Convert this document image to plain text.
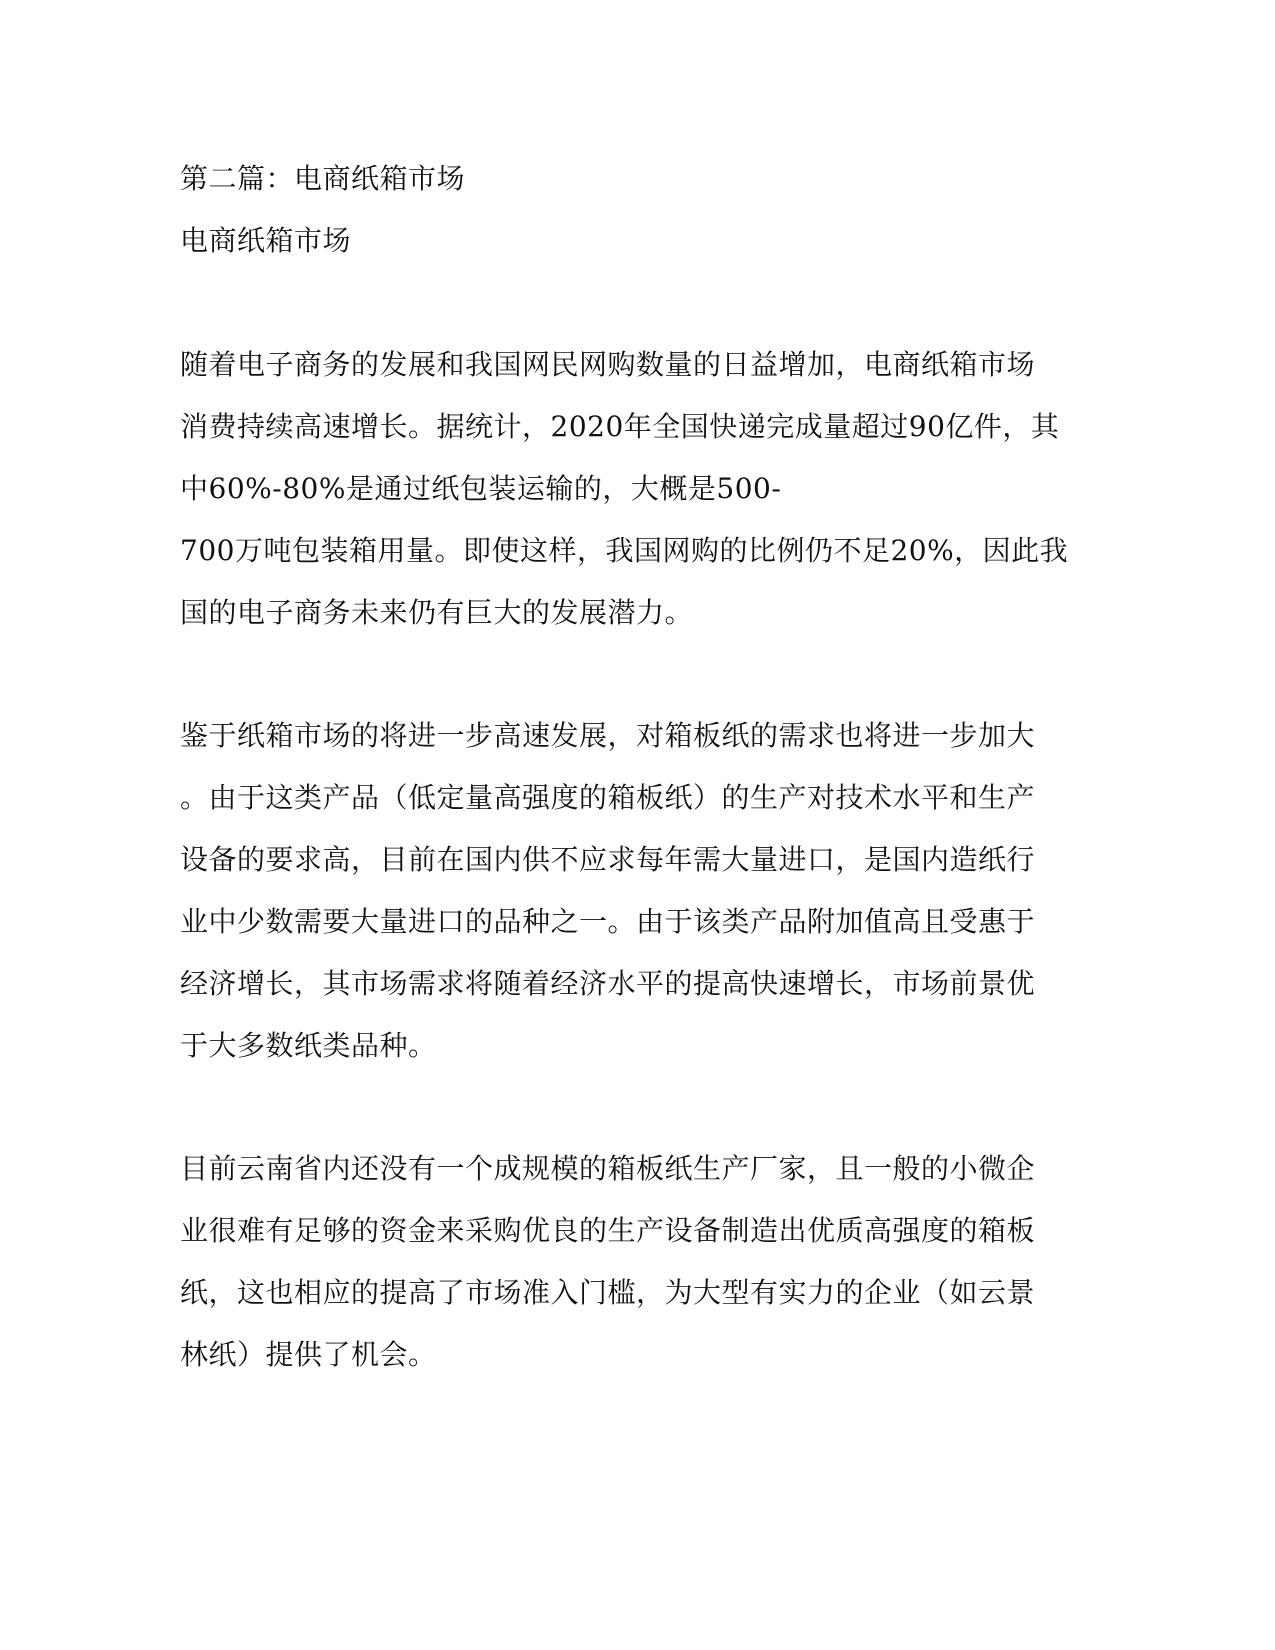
第二篇：电商纸箱市场
电商纸箱市场
随着电子商务的发展和我国网民网购数量的日益增加，电商纸箱市场
消费持续高速增长。据统计，2020年全国快递完成量超过90亿件，其
中60%-80%是通过纸包装运输的，大概是500-
700万吨包装箱用量。即使这样，我国网购的比例仍不足20%，因此我
国的电子商务未来仍有巨大的发展潜力。
鉴于纸箱市场的将进一步高速发展，对箱板纸的需求也将进一步加大
。由于这类产品（低定量高强度的箱板纸）的生产对技术水平和生产
设备的要求高，目前在国内供不应求每年需大量进口，是国内造纸行
业中少数需要大量进口的品种之一。由于该类产品附加值高且受惠于
经济增长，其市场需求将随着经济水平的提高快速增长，市场前景优
于大多数纸类品种。
目前云南省内还没有一个成规模的箱板纸生产厂家，且一般的小微企
业很难有足够的资金来采购优良的生产设备制造出优质高强度的箱板
纸，这也相应的提高了市场准入门槛，为大型有实力的企业（如云景
林纸）提供了机会。
